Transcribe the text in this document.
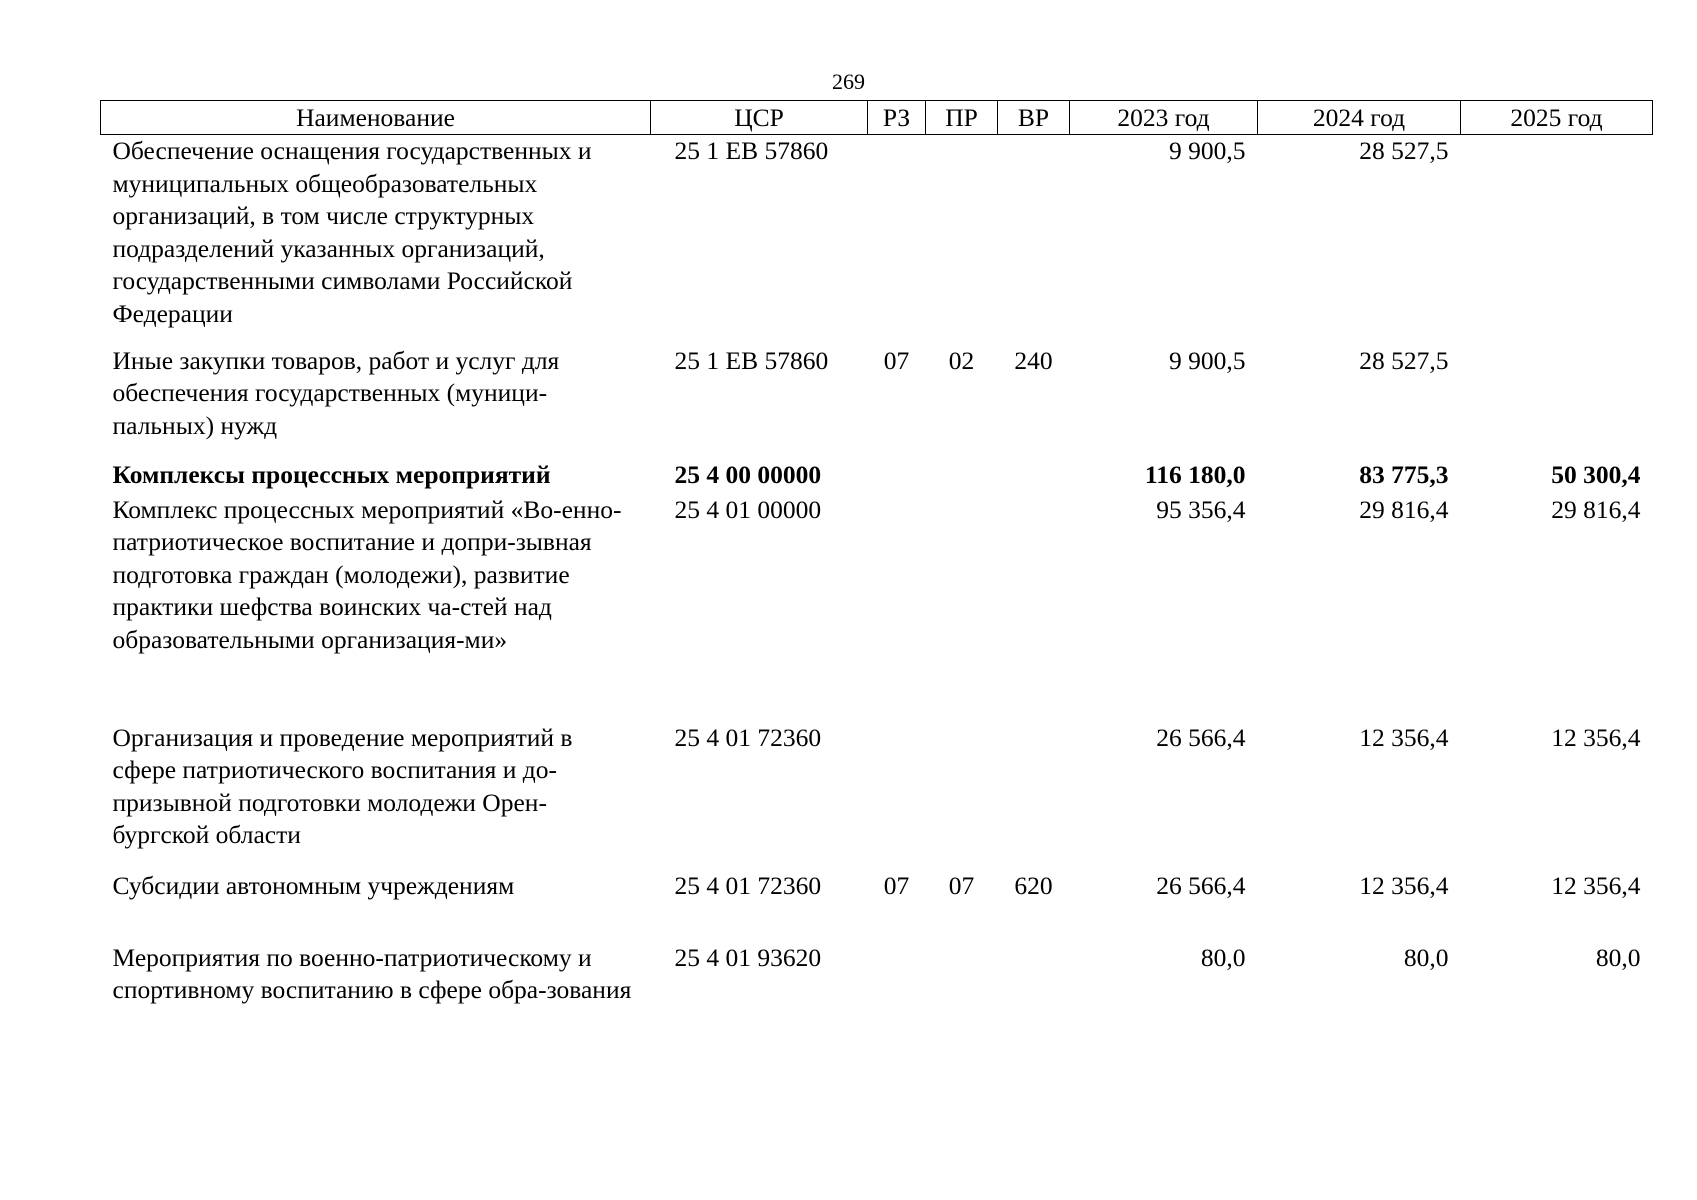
269
Наименование	ЦСР	РЗ	ПР	ВР	2023 год	2024 год	2025 год
Обеспечение оснащения государственных и муниципальных общеобразовательных организаций, в том числе структурных подразделений указанных организаций, государственными символами Российской Федерации	25 1 ЕВ 57860				9 900,5	28 527,5	
Иные закупки товаров, работ и услуг для обеспечения государственных (муници-пальных) нужд	25 1 ЕВ 57860	07	02	240	9 900,5	28 527,5	
Комплексы процессных мероприятий	25 4 00 00000				116 180,0	83 775,3	50 300,4
Комплекс процессных мероприятий «Во-енно-патриотическое воспитание и допри-зывная подготовка граждан (молодежи), развитие практики шефства воинских ча-стей над образовательными организация-ми»	25 4 01 00000				95 356,4	29 816,4	29 816,4
Организация и проведение мероприятий в сфере патриотического воспитания и до-призывной подготовки молодежи Орен-бургской области	25 4 01 72360				26 566,4	12 356,4	12 356,4
Субсидии автономным учреждениям	25 4 01 72360	07	07	620	26 566,4	12 356,4	12 356,4
Мероприятия по военно-патриотическому и спортивному воспитанию в сфере обра-зования	25 4 01 93620				80,0	80,0	80,0
